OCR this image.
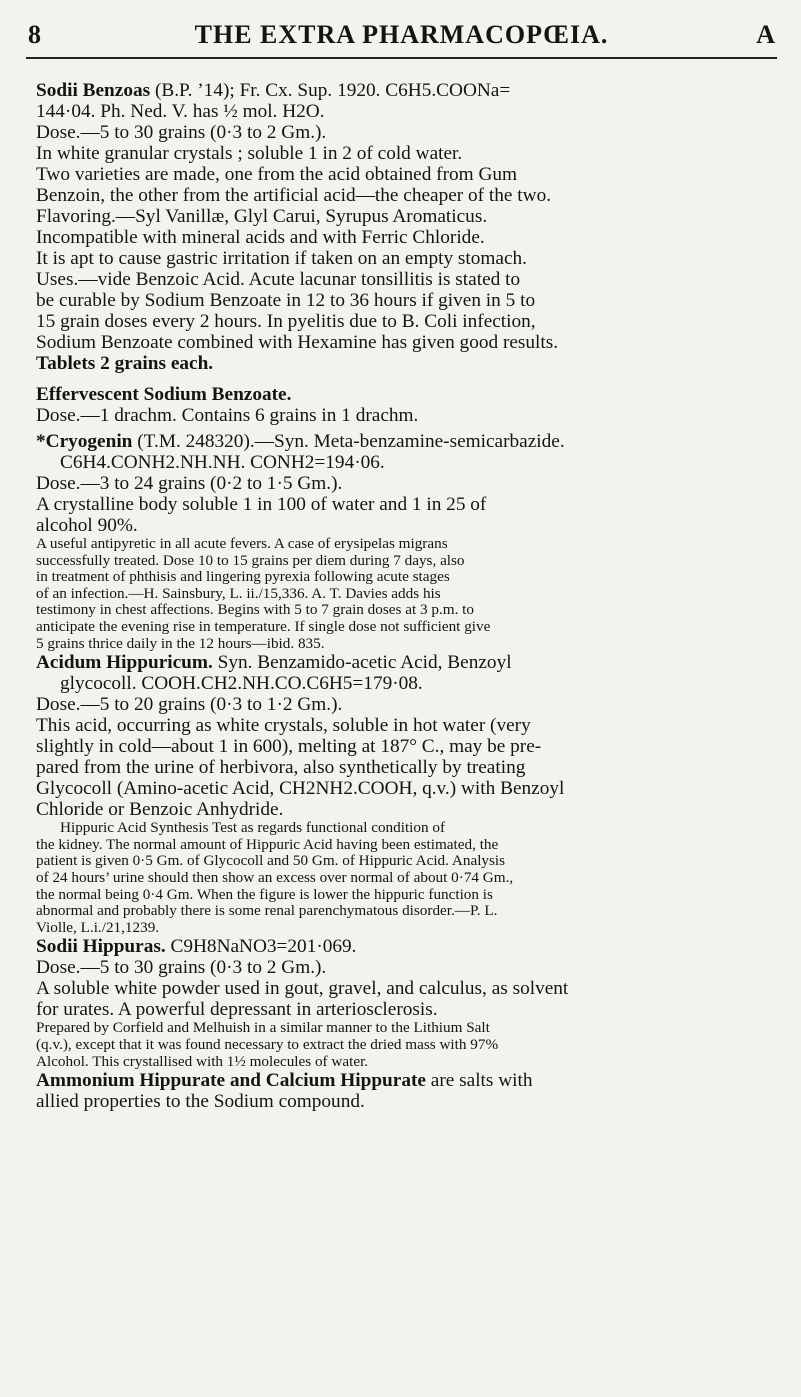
8	THE EXTRA PHARMACOPŒIA.	A

Sodii Benzoas (B.P. ’14); Fr. Cx. Sup. 1920. C6H5.COONa=

144·04. Ph. Ned. V. has ½ mol. H2O.

Dose.—5 to 30 grains (0·3 to 2 Gm.).

In white granular crystals ; soluble 1 in 2 of cold water.

Two varieties are made, one from the acid obtained from Gum

Benzoin, the other from the artificial acid—the cheaper of the two.

Flavoring.—Syl Vanillæ, Glyl Carui, Syrupus Aromaticus.

Incompatible with mineral acids and with Ferric Chloride.

It is apt to cause gastric irritation if taken on an empty stomach.

Uses.—vide Benzoic Acid. Acute lacunar tonsillitis is stated to

be curable by Sodium Benzoate in 12 to 36 hours if given in 5 to

15 grain doses every 2 hours. In pyelitis due to B. Coli infection,

Sodium Benzoate combined with Hexamine has given good results.

Tablets 2 grains each.

Effervescent Sodium Benzoate.

Dose.—1 drachm. Contains 6 grains in 1 drachm.

*Cryogenin (T.M. 248320).—Syn. Meta-benzamine-semicarbazide.

C6H4.CONH2.NH.NH. CONH2=194·06.

Dose.—3 to 24 grains (0·2 to 1·5 Gm.).

A crystalline body soluble 1 in 100 of water and 1 in 25 of

alcohol 90%.

A useful antipyretic in all acute fevers. A case of erysipelas migrans

successfully treated. Dose 10 to 15 grains per diem during 7 days, also

in treatment of phthisis and lingering pyrexia following acute stages

of an infection.—H. Sainsbury, L. ii./15,336. A. T. Davies adds his

testimony in chest affections. Begins with 5 to 7 grain doses at 3 p.m. to

anticipate the evening rise in temperature. If single dose not sufficient give

5 grains thrice daily in the 12 hours—ibid. 835.

Acidum Hippuricum. Syn. Benzamido-acetic Acid, Benzoyl

glycocoll. COOH.CH2.NH.CO.C6H5=179·08.

Dose.—5 to 20 grains (0·3 to 1·2 Gm.).

This acid, occurring as white crystals, soluble in hot water (very

slightly in cold—about 1 in 600), melting at 187° C., may be pre-

pared from the urine of herbivora, also synthetically by treating

Glycocoll (Amino-acetic Acid, CH2NH2.COOH, q.v.) with Benzoyl

Chloride or Benzoic Anhydride.

Hippuric Acid Synthesis Test as regards functional condition of

the kidney. The normal amount of Hippuric Acid having been estimated, the

patient is given 0·5 Gm. of Glycocoll and 50 Gm. of Hippuric Acid. Analysis

of 24 hours’ urine should then show an excess over normal of about 0·74 Gm.,

the normal being 0·4 Gm. When the figure is lower the hippuric function is

abnormal and probably there is some renal parenchymatous disorder.—P. L.

Violle, L.i./21,1239.

Sodii Hippuras. C9H8NaNO3=201·069.

Dose.—5 to 30 grains (0·3 to 2 Gm.).

A soluble white powder used in gout, gravel, and calculus, as solvent

for urates. A powerful depressant in arteriosclerosis.

Prepared by Corfield and Melhuish in a similar manner to the Lithium Salt

(q.v.), except that it was found necessary to extract the dried mass with 97%

Alcohol. This crystallised with 1½ molecules of water.

Ammonium Hippurate and Calcium Hippurate are salts with

allied properties to the Sodium compound.
